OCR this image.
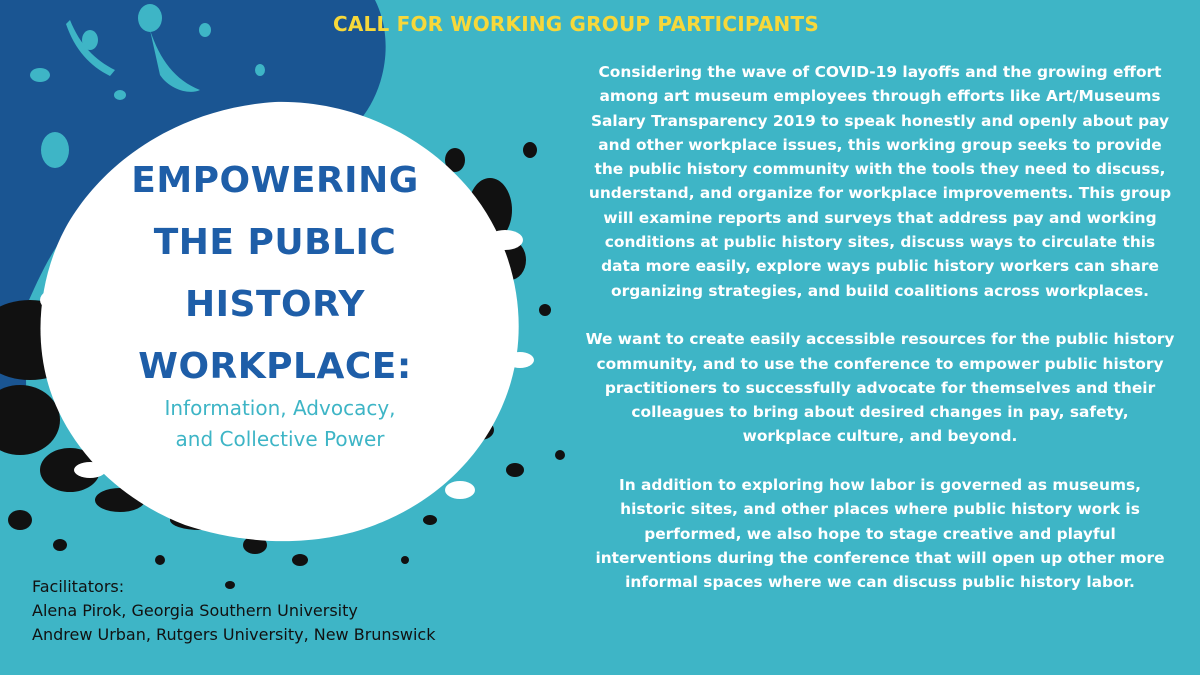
CALL FOR WORKING GROUP PARTICIPANTS
EMPOWERING
THE PUBLIC
HISTORY
WORKPLACE:
Information, Advocacy,
and Collective Power

Considering the wave of COVID-19 layoffs and the growing effort among art museum employees through efforts like Art/Museums Salary Transparency 2019 to speak honestly and openly about pay and other workplace issues, this working group seeks to provide the public history community with the tools they need to discuss, understand, and organize for workplace improvements. This group will examine reports and surveys that address pay and working conditions at public history sites, discuss ways to circulate this data more easily, explore ways public history workers can share organizing strategies, and build coalitions across workplaces.

We want to create easily accessible resources for the public history community, and to use the conference to empower public history practitioners to successfully advocate for themselves and their colleagues to bring about desired changes in pay, safety, workplace culture, and beyond.

In addition to exploring how labor is governed as museums, historic sites, and other places where public history work is performed, we also hope to stage creative and playful interventions during the conference that will open up other more informal spaces where we can discuss public history labor.

Facilitators:
Alena Pirok, Georgia Southern University
Andrew Urban, Rutgers University, New Brunswick
